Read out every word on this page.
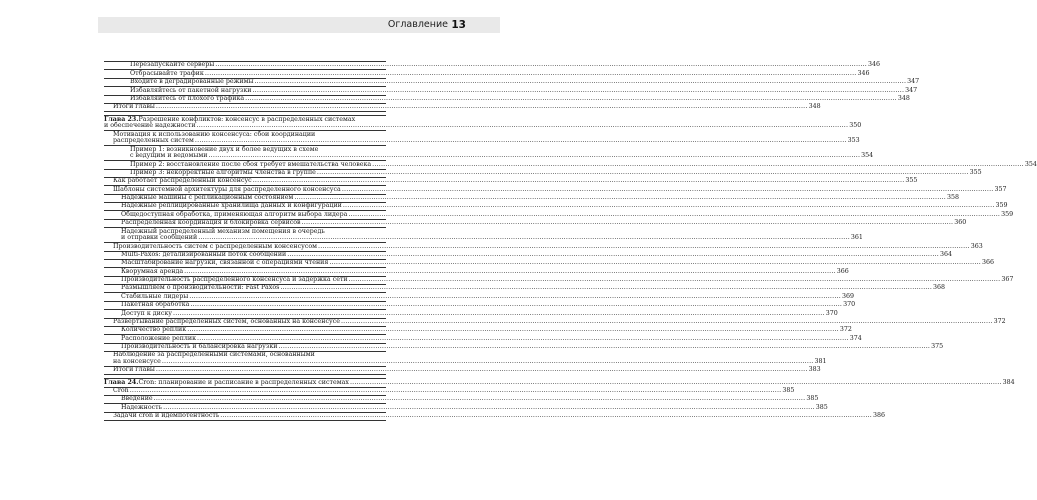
Оглавление 13
Перезапускайте серверы .....	346
Отбрасывайте трафик .....	346
Входите в деградированные режимы .....	347
Избавляйтесь от пакетной нагрузки .....	347
Избавляйтесь от плохого трафика .....	348
Итоги главы .....	348
Глава 23. Разрешение конфликтов: консенсус в распределенных системах
и обеспечение надежности .....	350
Мотивация к использованию консенсуса: сбои координации
распределенных систем .....	353
Пример 1: возникновение двух и более ведущих в схеме
с ведущим и ведомыми .....	354
Пример 2: восстановление после сбоя требует вмешательства человека .....	354
Пример 3: некорректные алгоритмы членства в группе .....	355
Как работает распределенный консенсус .....	355
Шаблоны системной архитектуры для распределенного консенсуса .....	357
Надежные машины с репликационным состоянием .....	358
Надежные реплицированные хранилища данных и конфигураций .....	359
Общедоступная обработка, применяющая алгоритм выбора лидера .....	359
Распределенная координация и блокировка сервисов .....	360
Надежный распределенный механизм помещения в очередь
и отправки сообщений .....	361
Производительность систем с распределенным консенсусом .....	363
Multi-Paxos: детализированный поток сообщений .....	364
Масштабирование нагрузки, связанной с операциями чтения .....	366
Кворумная аренда .....	366
Производительность распределенного консенсуса и задержка сети .....	367
Размышляем о производительности: Fast Paxos .....	368
Стабильные лидеры .....	369
Пакетная обработка .....	370
Доступ к диску .....	370
Развертывание распределенных систем, основанных на консенсусе .....	372
Количество реплик .....	372
Расположение реплик .....	374
Производительность и балансировка нагрузки .....	375
Наблюдение за распределенными системами, основанными
на консенсусе .....	381
Итоги главы .....	383
Глава 24. Cron: планирование и расписание в распределенных системах .....	384
Cron .....	385
Введение .....	385
Надежность .....	385
Задачи cron и идемпотентность .....	386
